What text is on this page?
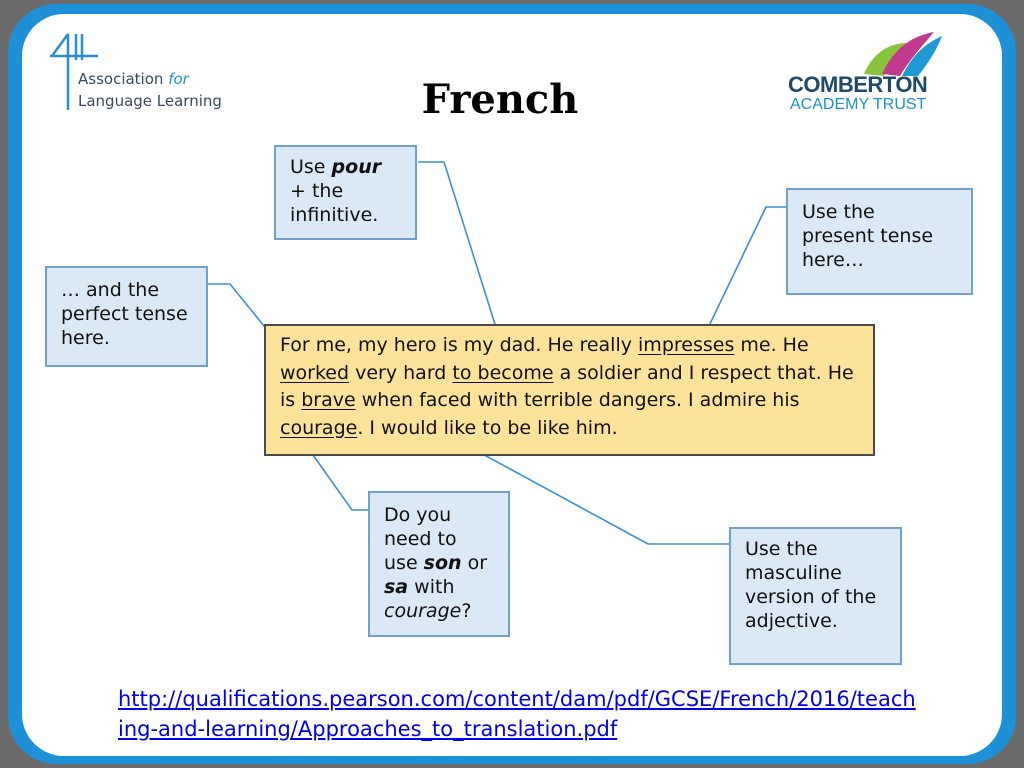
Association for
Language Learning	French	COMBERTON
ACADEMY TRUST
Use pour
+ the
infinitive.	Use the
present tense
here…
… and the
perfect tense
here.	For me, my hero is my dad. He really impresses me. He worked very hard to become a soldier and I respect that. He is brave when faced with terrible dangers. I admire his courage. I would like to be like him.
Do you
need to
use son or
sa with
courage?
Use the
masculine
version of the
adjective.
http://qualifications.pearson.com/content/dam/pdf/GCSE/French/2016/teaching-and-learning/Approaches_to_translation.pdf
